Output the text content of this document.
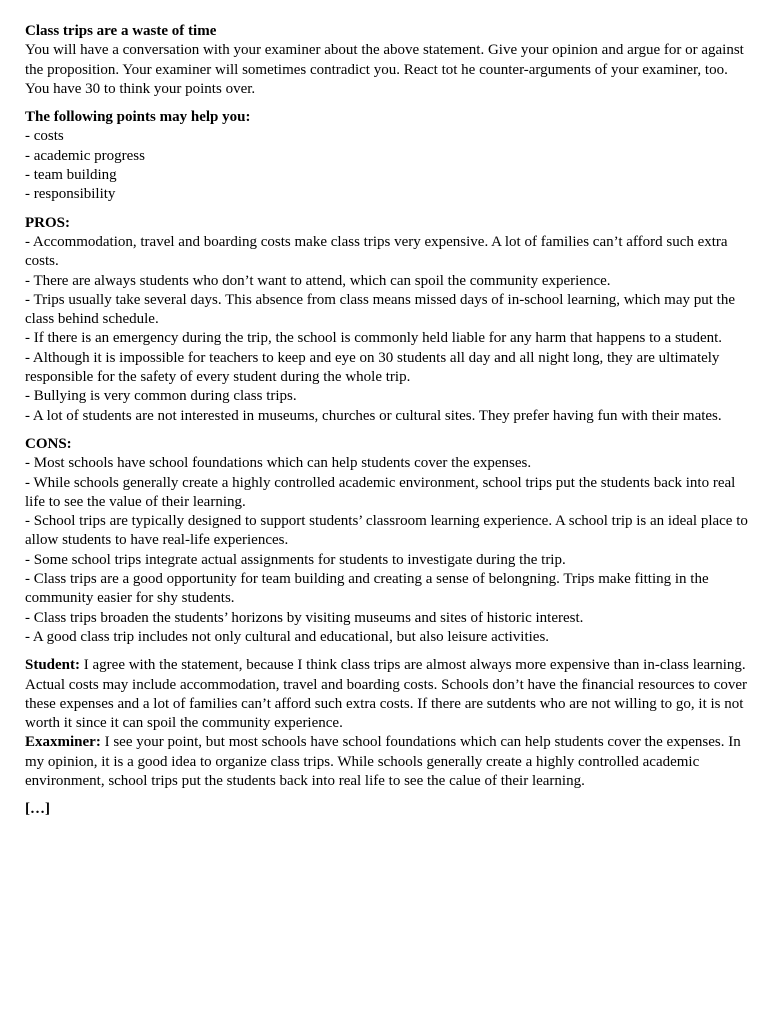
Class trips are a waste of time
You will have a conversation with your examiner about the above statement. Give your opinion and argue for or against the proposition. Your examiner will sometimes contradict you. React tot he counter-arguments of your examiner, too. You have 30 to think your points over.
The following points may help you:
- costs
- academic progress
- team building
- responsibility
PROS:
- Accommodation, travel and boarding costs make class trips very expensive. A lot of families can’t afford such extra costs.
- There are always students who don’t want to attend, which can spoil the community experience.
- Trips usually take several days. This absence from class means missed days of in-school learning, which may put the class behind schedule.
- If there is an emergency during the trip, the school is commonly held liable for any harm that happens to a student.
- Although it is impossible for teachers to keep and eye on 30 students all day and all night long, they are ultimately responsible for the safety of every student during the whole trip.
- Bullying is very common during class trips.
- A lot of students are not interested in museums, churches or cultural sites. They prefer having fun with their mates.
CONS:
- Most schools have school foundations which can help students cover the expenses.
- While schools generally create a highly controlled academic environment, school trips put the students back into real life to see the value of their learning.
- School trips are typically designed to support students’ classroom learning experience. A school trip is an ideal place to allow students to have real-life experiences.
- Some school trips integrate actual assignments for students to investigate during the trip.
- Class trips are a good opportunity for team building and creating a sense of belongning. Trips make fitting in the community easier for shy students.
- Class trips broaden the students’ horizons by visiting museums and sites of historic interest.
- A good class trip includes not only cultural and educational, but also leisure activities.
Student: I agree with the statement, because I think class trips are almost always more expensive than in-class learning. Actual costs may include accommodation, travel and boarding costs. Schools don’t have the financial resources to cover these expenses and a lot of families can’t afford such extra costs. If there are sutdents who are not willing to go, it is not worth it since it can spoil the community experience.
Exaxminer: I see your point, but most schools have school foundations which can help students cover the expenses. In my opinion, it is a good idea to organize class trips. While schools generally create a highly controlled academic environment, school trips put the students back into real life to see the calue of their learning.
[…]
